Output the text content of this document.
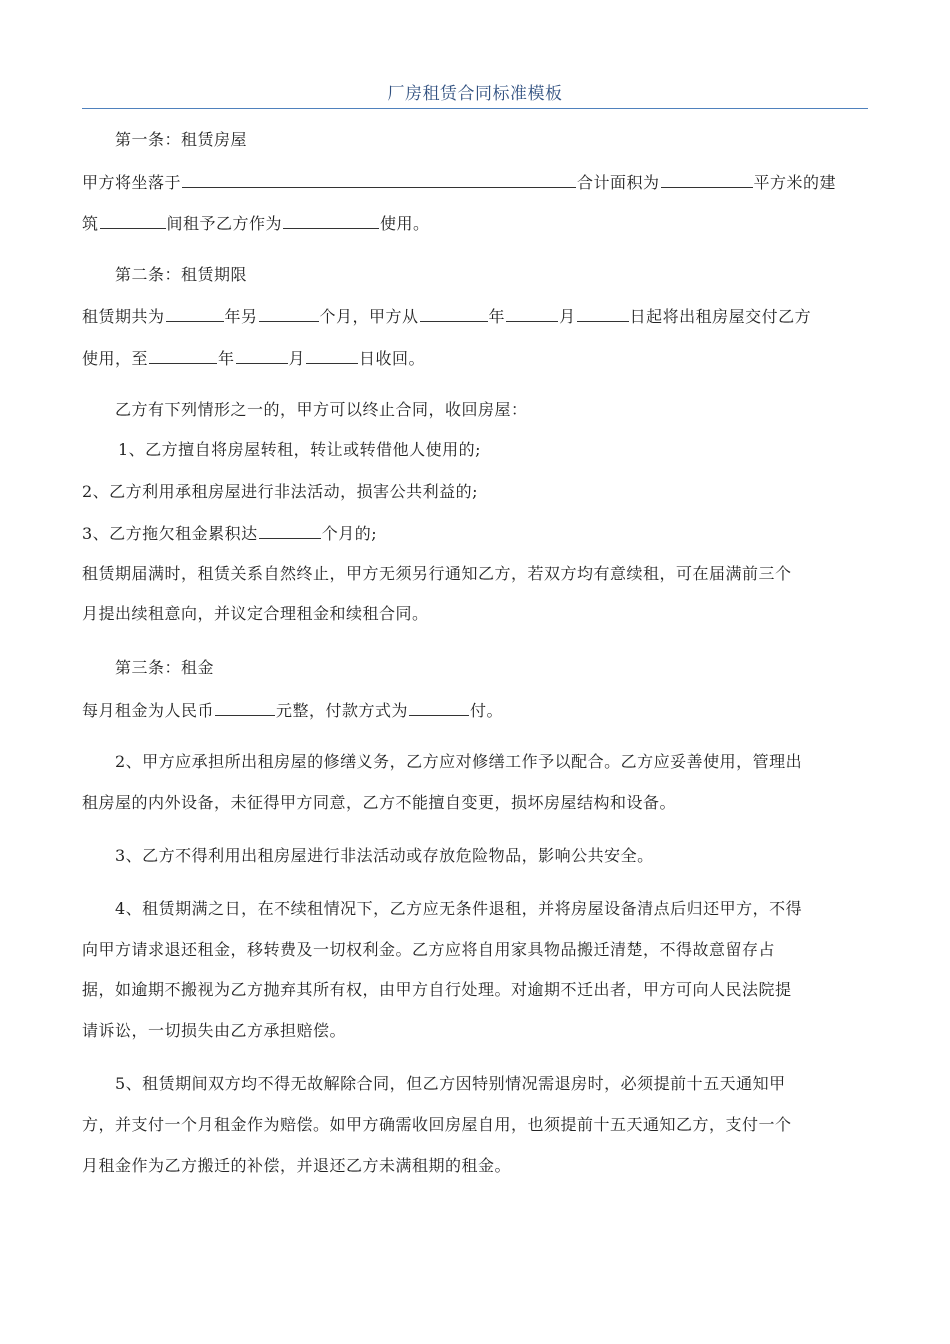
厂房租赁合同标准模板
第一条：租赁房屋
甲方将坐落于	合计面积为	平方米的建
筑	间租予乙方作为	使用。
第二条：租赁期限
租赁期共为	年另	个月，甲方从	年	月	日起将出租房屋交付乙方
使用，至	年	月	日收回。
乙方有下列情形之一的，甲方可以终止合同，收回房屋：
1、乙方擅自将房屋转租，转让或转借他人使用的;
2、乙方利用承租房屋进行非法活动，损害公共利益的;
3、乙方拖欠租金累积达	个月的;
租赁期届满时，租赁关系自然终止，甲方无须另行通知乙方，若双方均有意续租，可在届满前三个
月提出续租意向，并议定合理租金和续租合同。
第三条：租金
每月租金为人民币	元整，付款方式为	付。
2、甲方应承担所出租房屋的修缮义务，乙方应对修缮工作予以配合。乙方应妥善使用，管理出
租房屋的内外设备，未征得甲方同意，乙方不能擅自变更，损坏房屋结构和设备。
3、乙方不得利用出租房屋进行非法活动或存放危险物品，影响公共安全。
4、租赁期满之日，在不续租情况下，乙方应无条件退租，并将房屋设备清点后归还甲方，不得
向甲方请求退还租金，移转费及一切权利金。乙方应将自用家具物品搬迁清楚，不得故意留存占
据，如逾期不搬视为乙方抛弃其所有权，由甲方自行处理。对逾期不迁出者，甲方可向人民法院提
请诉讼，一切损失由乙方承担赔偿。
5、租赁期间双方均不得无故解除合同，但乙方因特别情况需退房时，必须提前十五天通知甲
方，并支付一个月租金作为赔偿。如甲方确需收回房屋自用，也须提前十五天通知乙方，支付一个
月租金作为乙方搬迁的补偿，并退还乙方未满租期的租金。
